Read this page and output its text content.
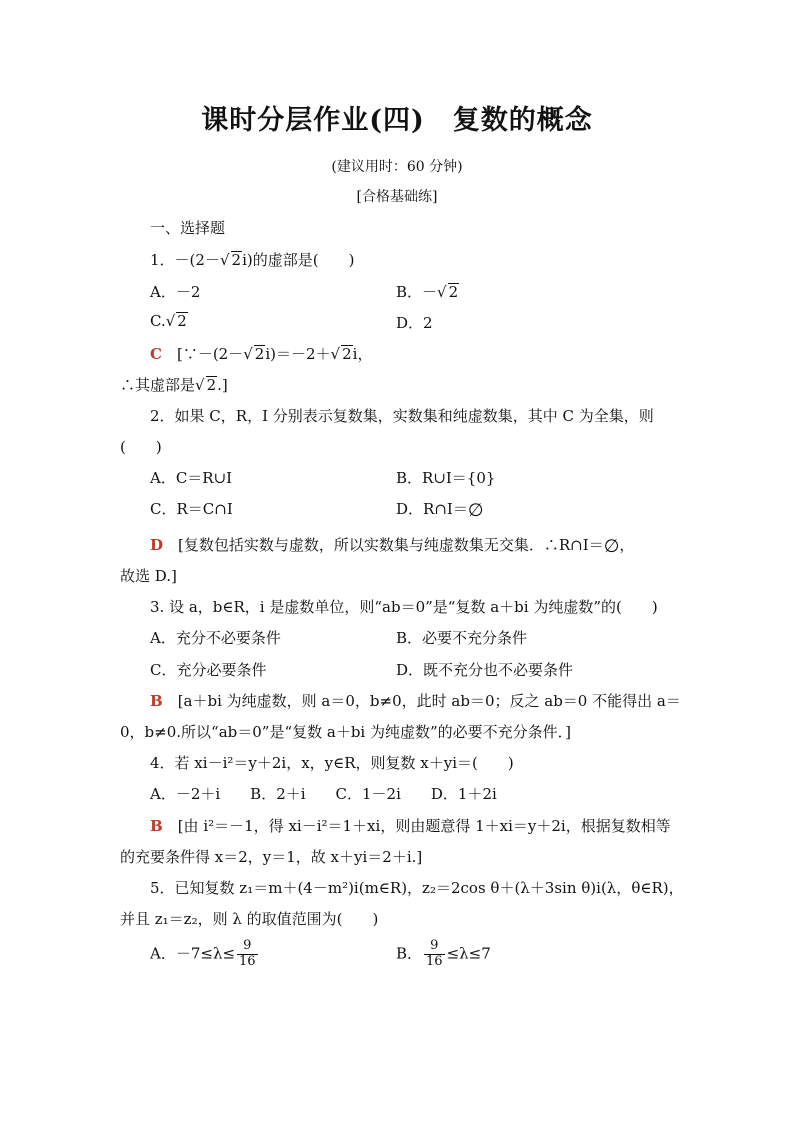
课时分层作业(四) 复数的概念
(建议用时：60 分钟)
[合格基础练]
一、选择题
1．－(2－√ 2i)的虚部是(　　)
A．－2	B．－√ 2
C.√ 2	D．2
C　 [∵－(2－√ 2i)＝－2＋√ 2i，
∴其虚部是√ 2.]
2．如果 C，R，I 分别表示复数集，实数集和纯虚数集，其中 C 为全集，则
(　　)
A．C＝R∪I	B．R∪I＝{0}
C．R＝C∩I	D．R∩I＝∅
D　 [复数包括实数与虚数，所以实数集与纯虚数集无交集．∴R∩I＝∅，
故选 D.]
3. 设 a，b∈R，i 是虚数单位，则“ab＝0”是“复数 a＋bi 为纯虚数”的(　　)
A．充分不必要条件	B．必要不充分条件
C．充分必要条件	D．既不充分也不必要条件
B　 [a＋bi 为纯虚数，则 a＝0，b≠0，此时 ab＝0；反之 ab＝0 不能得出 a＝
0，b≠0.所以“ab＝0”是“复数 a＋bi 为纯虚数”的必要不充分条件．]
4．若 xi－i²＝y＋2i，x，y∈R，则复数 x＋yi＝(　　)
A．－2＋i　　B．2＋i　　C．1－2i　　D．1＋2i
B　 [由 i²＝－1，得 xi－i²＝1＋xi，则由题意得 1＋xi＝y＋2i，根据复数相等
的充要条件得 x＝2，y＝1，故 x＋yi＝2＋i.]
5．已知复数 z₁＝m＋(4－m²)i(m∈R)，z₂＝2cos θ＋(λ＋3sin θ)i(λ，θ∈R)，
并且 z₁＝z₂，则 λ 的取值范围为(　　)
A．$-7\le\lambda\le \frac{9}{16}$	B． $\frac{9}{16} \le\lambda\le 7$
